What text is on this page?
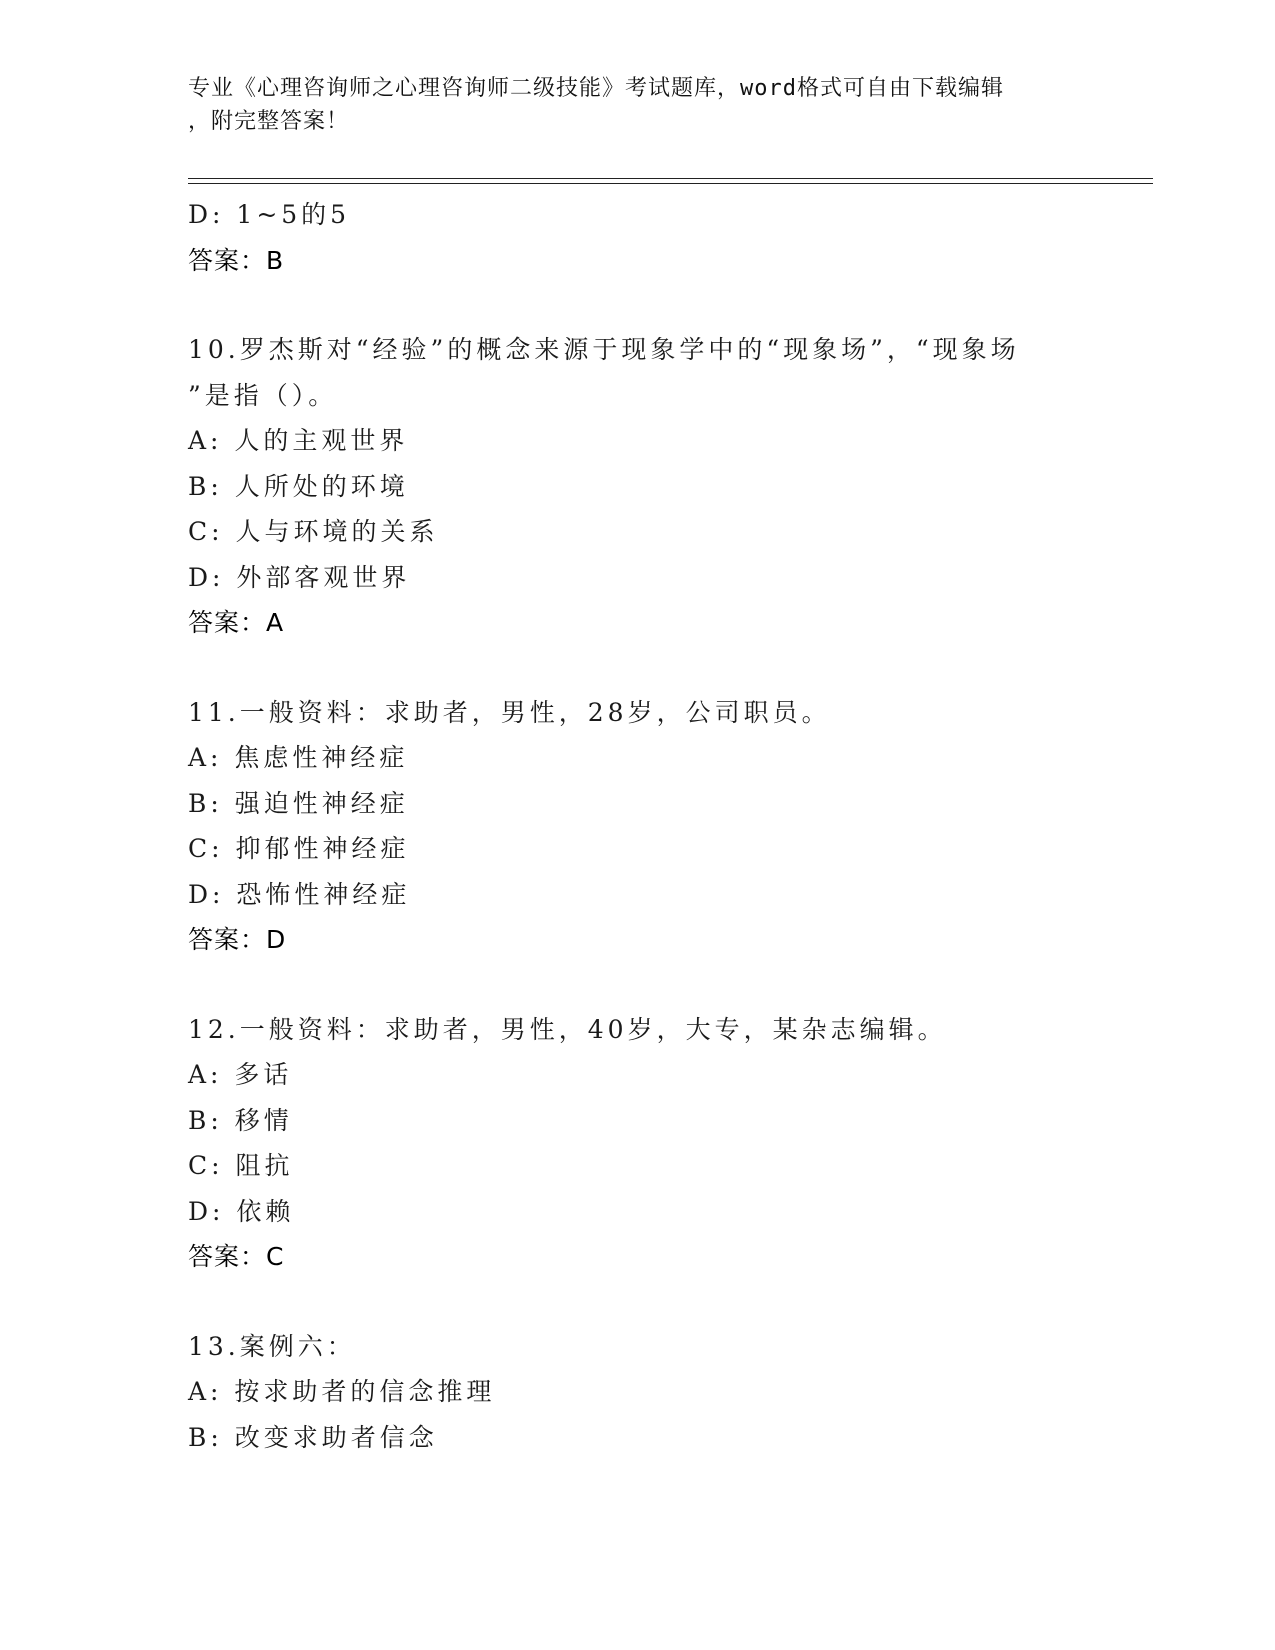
专业《心理咨询师之心理咨询师二级技能》考试题库，word格式可自由下载编辑
，附完整答案！
D: 1~5的5
答案：B
10.罗杰斯对“经验”的概念来源于现象学中的“现象场”，“现象场
”是指（）。
A: 人的主观世界
B: 人所处的环境
C: 人与环境的关系
D: 外部客观世界
答案：A
11.一般资料：求助者，男性，28岁，公司职员。
A: 焦虑性神经症
B: 强迫性神经症
C: 抑郁性神经症
D: 恐怖性神经症
答案：D
12.一般资料：求助者，男性，40岁，大专，某杂志编辑。
A: 多话
B: 移情
C: 阻抗
D: 依赖
答案：C
13.案例六：
A: 按求助者的信念推理
B: 改变求助者信念
